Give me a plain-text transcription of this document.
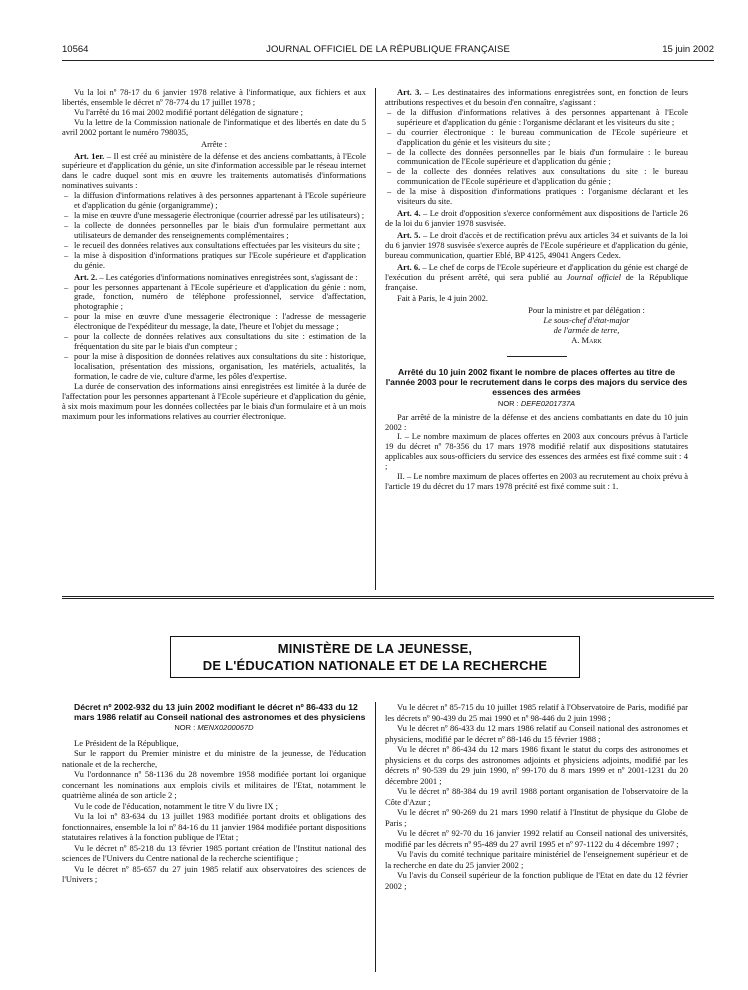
10564	JOURNAL OFFICIEL DE LA RÉPUBLIQUE FRANÇAISE	15 juin 2002

Vu la loi nº 78-17 du 6 janvier 1978 relative à l'informatique, aux fichiers et aux libertés, ensemble le décret nº 78-774 du 17 juillet 1978 ;

Vu l'arrêté du 16 mai 2002 modifié portant délégation de signature ;

Vu la lettre de la Commission nationale de l'informatique et des libertés en date du 5 avril 2002 portant le numéro 798035,

Arrête :

Art. 1er. – Il est créé au ministère de la défense et des anciens combattants, à l'Ecole supérieure et d'application du génie, un site d'information accessible par le réseau internet dans le cadre duquel sont mis en œuvre les traitements automatisés d'informations nominatives suivants :

– la diffusion d'informations relatives à des personnes appartenant à l'Ecole supérieure et d'application du génie (organigramme) ;
– la mise en œuvre d'une messagerie électronique (courrier adressé par les utilisateurs) ;
– la collecte de données personnelles par le biais d'un formulaire permettant aux utilisateurs de demander des renseignements complémentaires ;
– le recueil des données relatives aux consultations effectuées par les visiteurs du site ;
– la mise à disposition d'informations pratiques sur l'Ecole supérieure et d'application du génie.

Art. 2. – Les catégories d'informations nominatives enregistrées sont, s'agissant de :

– pour les personnes appartenant à l'Ecole supérieure et d'application du génie : nom, grade, fonction, numéro de téléphone professionnel, service d'affectation, photographie ;
– pour la mise en œuvre d'une messagerie électronique : l'adresse de messagerie électronique de l'expéditeur du message, la date, l'heure et l'objet du message ;
– pour la collecte de données relatives aux consultations du site : estimation de la fréquentation du site par le biais d'un compteur ;
– pour la mise à disposition de données relatives aux consultations du site : historique, localisation, présentation des missions, organisation, les matériels, actualités, la formation, le cadre de vie, culture d'arme, les pôles d'expertise.

La durée de conservation des informations ainsi enregistrées est limitée à la durée de l'affectation pour les personnes appartenant à l'Ecole supérieure et d'application du génie, à six mois maximum pour les données collectées par le biais d'un formulaire et à un mois maximum pour les informations relatives au courrier électronique.

Art. 3. – Les destinataires des informations enregistrées sont, en fonction de leurs attributions respectives et du besoin d'en connaître, s'agissant :

– de la diffusion d'informations relatives à des personnes appartenant à l'Ecole supérieure et d'application du génie : l'organisme déclarant et les visiteurs du site ;
– du courrier électronique : le bureau communication de l'Ecole supérieure et d'application du génie et les visiteurs du site ;
– de la collecte des données personnelles par le biais d'un formulaire : le bureau communication de l'Ecole supérieure et d'application du génie ;
– de la collecte des données relatives aux consultations du site : le bureau communication de l'Ecole supérieure et d'application du génie ;
– de la mise à disposition d'informations pratiques : l'organisme déclarant et les visiteurs du site.

Art. 4. – Le droit d'opposition s'exerce conformément aux dispositions de l'article 26 de la loi du 6 janvier 1978 susvisée.

Art. 5. – Le droit d'accès et de rectification prévu aux articles 34 et suivants de la loi du 6 janvier 1978 susvisée s'exerce auprès de l'Ecole supérieure et d'application du génie, bureau communication, quartier Eblé, BP 4125, 49041 Angers Cedex.

Art. 6. – Le chef de corps de l'Ecole supérieure et d'application du génie est chargé de l'exécution du présent arrêté, qui sera publié au Journal officiel de la République française.

Fait à Paris, le 4 juin 2002.

Pour la ministre et par délégation :
Le sous-chef d'état-major
de l'armée de terre,
A. Mark
Arrêté du 10 juin 2002 fixant le nombre de places offertes au titre de l'année 2003 pour le recrutement dans le corps des majors du service des essences des armées
NOR : DEFE0201737A

Par arrêté de la ministre de la défense et des anciens combattants en date du 10 juin 2002 :

I. – Le nombre maximum de places offertes en 2003 aux concours prévus à l'article 19 du décret nº 78-356 du 17 mars 1978 modifié relatif aux dispositions statutaires applicables aux sous-officiers du service des essences des armées est fixé comme suit : 4 ;

II. – Le nombre maximum de places offertes en 2003 au recrutement au choix prévu à l'article 19 du décret du 17 mars 1978 précité est fixé comme suit : 1.

MINISTÈRE DE LA JEUNESSE,
DE L'ÉDUCATION NATIONALE ET DE LA RECHERCHE
Décret nº 2002-932 du 13 juin 2002 modifiant le décret nº 86-433 du 12 mars 1986 relatif au Conseil national des astronomes et des physiciens
NOR : MENX0200067D

Le Président de la République,

Sur le rapport du Premier ministre et du ministre de la jeunesse, de l'éducation nationale et de la recherche,

Vu l'ordonnance nº 58-1136 du 28 novembre 1958 modifiée portant loi organique concernant les nominations aux emplois civils et militaires de l'Etat, notamment le quatrième alinéa de son article 2 ;

Vu le code de l'éducation, notamment le titre V du livre IX ;

Vu la loi nº 83-634 du 13 juillet 1983 modifiée portant droits et obligations des fonctionnaires, ensemble la loi nº 84-16 du 11 janvier 1984 modifiée portant dispositions statutaires relatives à la fonction publique de l'Etat ;

Vu le décret nº 85-218 du 13 février 1985 portant création de l'Institut national des sciences de l'Univers du Centre national de la recherche scientifique ;

Vu le décret nº 85-657 du 27 juin 1985 relatif aux observatoires des sciences de l'Univers ;

Vu le décret nº 85-715 du 10 juillet 1985 relatif à l'Observatoire de Paris, modifié par les décrets nº 90-439 du 25 mai 1990 et nº 98-446 du 2 juin 1998 ;

Vu le décret nº 86-433 du 12 mars 1986 relatif au Conseil national des astronomes et physiciens, modifié par le décret nº 88-146 du 15 février 1988 ;

Vu le décret nº 86-434 du 12 mars 1986 fixant le statut du corps des astronomes et physiciens et du corps des astronomes adjoints et physiciens adjoints, modifié par les décrets nº 90-539 du 29 juin 1990, nº 99-170 du 8 mars 1999 et nº 2001-1231 du 20 décembre 2001 ;

Vu le décret nº 88-384 du 19 avril 1988 portant organisation de l'observatoire de la Côte d'Azur ;

Vu le décret nº 90-269 du 21 mars 1990 relatif à l'Institut de physique du Globe de Paris ;

Vu le décret nº 92-70 du 16 janvier 1992 relatif au Conseil national des universités, modifié par les décrets nº 95-489 du 27 avril 1995 et nº 97-1122 du 4 décembre 1997 ;

Vu l'avis du comité technique paritaire ministériel de l'enseignement supérieur et de la recherche en date du 25 janvier 2002 ;

Vu l'avis du Conseil supérieur de la fonction publique de l'Etat en date du 12 février 2002 ;
